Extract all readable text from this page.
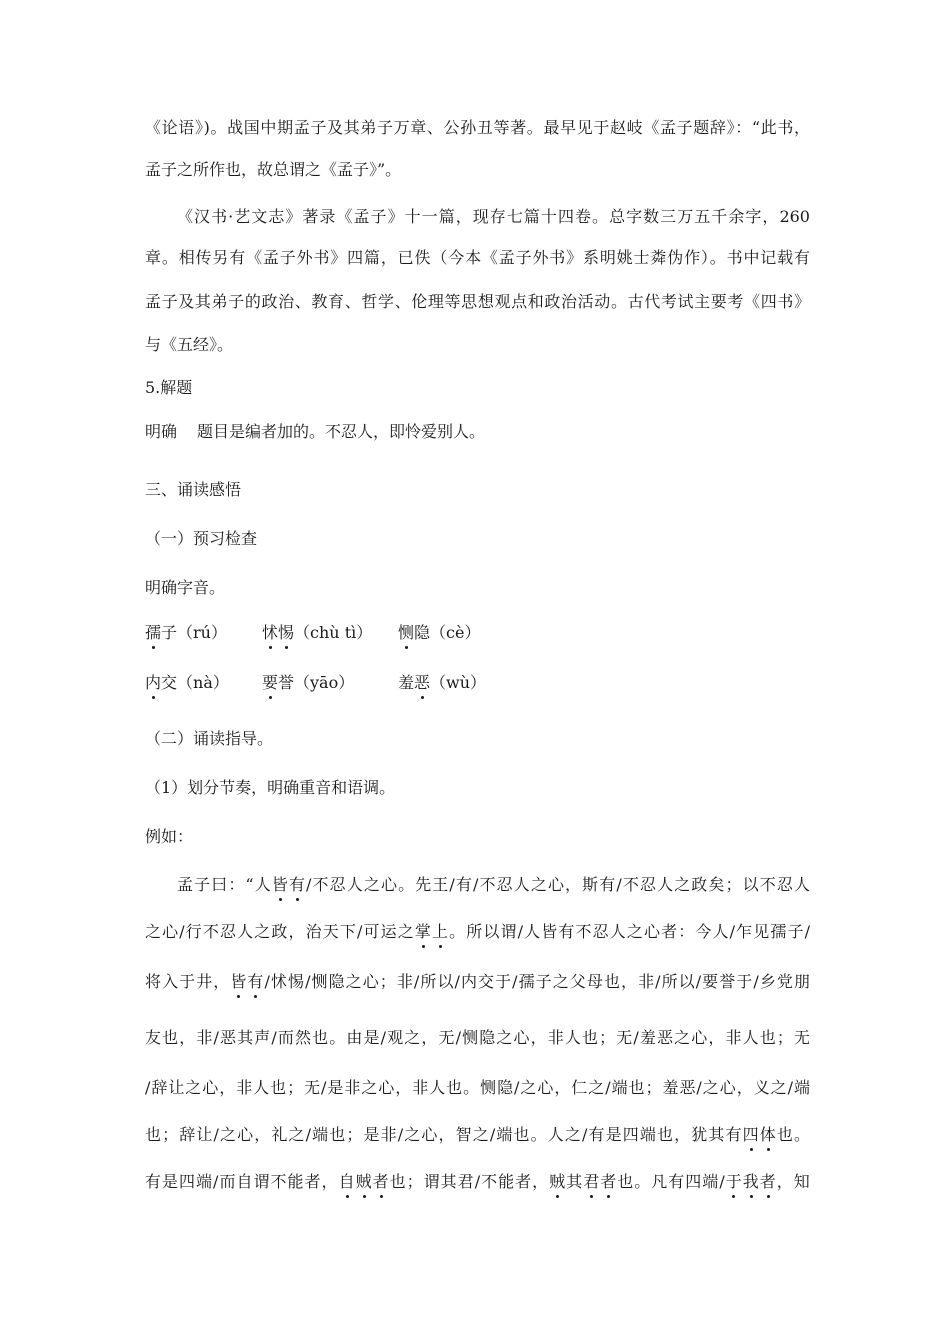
《论语》)。战国中期孟子及其弟子万章、公孙丑等著。最早见于赵岐《孟子题辞》：“此书，
孟子之所作也，故总谓之《孟子》”。
《汉书·艺文志》著录《孟子》十一篇，现存七篇十四卷。总字数三万五千余字，260
章。相传另有《孟子外书》四篇，已佚（今本《孟子外书》系明姚士粦伪作）。书中记载有
孟子及其弟子的政治、教育、哲学、伦理等思想观点和政治活动。古代考试主要考《四书》
与《五经》。
5.解题
明确 题目是编者加的。不忍人，即怜爱别人。
三、诵读感悟
（一）预习检查
明确字音。
孺子（rú） 怵惕（chù tì） 恻隐（cè）
内交（nà） 要誉（yāo）	羞恶（wù）
（二）诵读指导。
（1）划分节奏，明确重音和语调。
例如：
孟子曰：“人皆有/不忍人之心。先王/有/不忍人之心，斯有/不忍人之政矣；以不忍人
之心/行不忍人之政，治天下/可运之掌上。所以谓/人皆有不忍人之心者：今人/乍见孺子/
将入于井，皆有/怵惕/恻隐之心；非/所以/内交于/孺子之父母也，非/所以/要誉于/乡党朋
友也，非/恶其声/而然也。由是/观之，无/恻隐之心，非人也；无/羞恶之心，非人也；无
/辞让之心，非人也；无/是非之心，非人也。恻隐/之心，仁之/端也；羞恶/之心，义之/端
也；辞让/之心，礼之/端也；是非/之心，智之/端也。人之/有是四端也，犹其有四体也。
有是四端/而自谓不能者，自贼者也；谓其君/不能者，贼其君者也。凡有四端/于我者，知
